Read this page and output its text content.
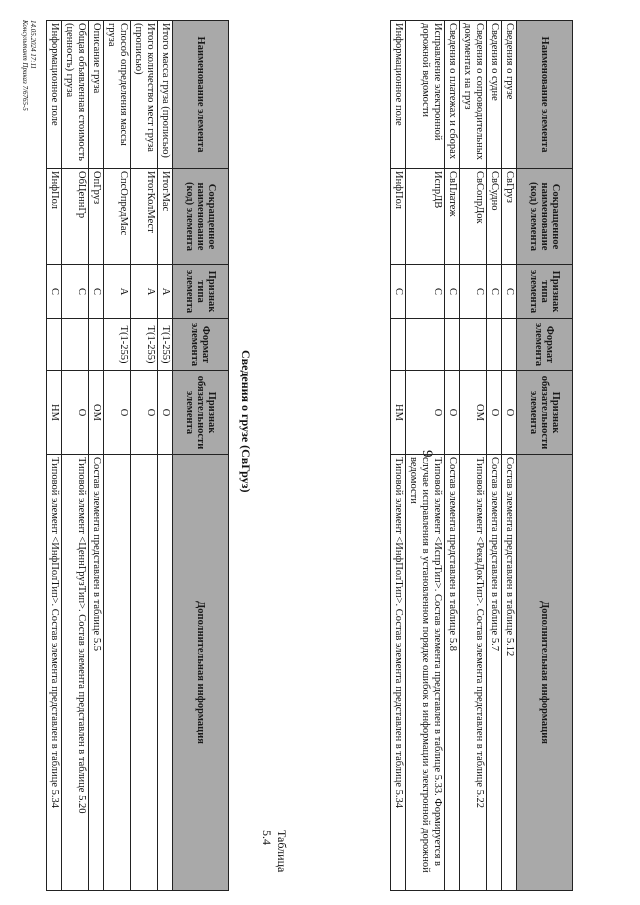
9
Наименование элемента	Сокращенное наименование (код) элемента	Признак типа элемента	Формат элемента	Признак обязательности элемента	Дополнительная информация
Сведения о грузе	СвГруз	С		О	Состав элемента представлен в таблице 5.12
Сведения о судне	СвСудно	С		О	Состав элемента представлен в таблице 5.7
Сведения о сопроводительных документах на груз	СвСопрДок	С		ОМ	Типовой элемент <РеквДокТип>. Состав элемента представлен в таблице 5.22
Сведения о платежах и сборах	СвПлатеж	С		О	Состав элемента представлен в таблице 5.8
Исправление электронной дорожной ведомости	ИспрДВ	С		О	Типовой элемент <ИспрТип>. Состав элемента представлен в таблице 5.33. Формируется в случае исправления в установленном порядке ошибок в информации электронной дорожной ведомости
Информационное поле	ИнфПол	С		НМ	Типовой элемент <ИнфПолТип>. Состав элемента представлен в таблице 5.34
Таблица 5.4
Сведения о грузе (СвГруз)
Наименование элемента	Сокращенное наименование (код) элемента	Признак типа элемента	Формат элемента	Признак обязательности элемента	Дополнительная информация
Итого масса груза (прописью)	ИтогМас	А	Т(1-255)	О	
Итого количество мест груза (прописью)	ИтогКолМест	А	Т(1-255)	О	
Способ определения массы груза	СпсОпредМас	А	Т(1-255)	О	
Описание груза	ОпГруз	С		ОМ	Состав элемента представлен в таблице 5.5
Общая объявленная стоимость (ценность) груза	ОбЦеннГр	С		О	Типовой элемент <ЦеннГрузТип>. Состав элемента представлен в таблице 5.20
Информационное поле	ИнфПол	С		НМ	Типовой элемент <ИнфПолТип>. Состав элемента представлен в таблице 5.34
14.05.2024 17:11
Консультант Приказ 7/6765-5
